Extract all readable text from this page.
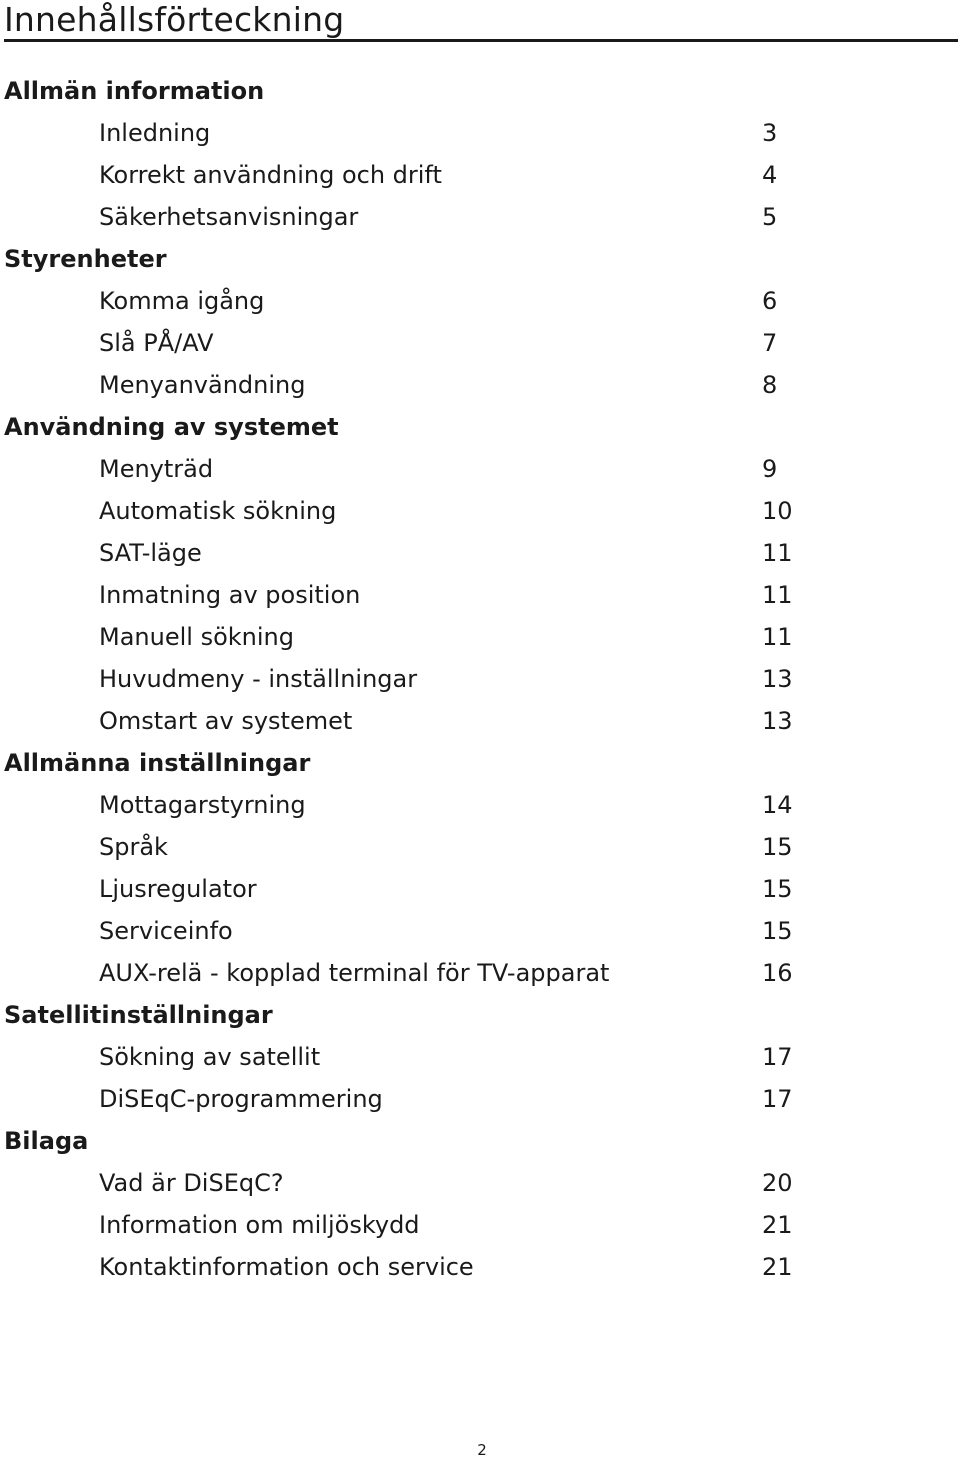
Innehållsförteckning
Allmän information
Inledning	3
Korrekt användning och drift	4
Säkerhetsanvisningar	5
Styrenheter
Komma igång	6
Slå PÅ/AV	7
Menyanvändning	8
Användning av systemet
Menyträd	9
Automatisk sökning	10
SAT-läge	11
Inmatning av position	11
Manuell sökning	11
Huvudmeny - inställningar	13
Omstart av systemet	13
Allmänna inställningar
Mottagarstyrning	14
Språk	15
Ljusregulator	15
Serviceinfo	15
AUX-relä - kopplad terminal för TV-apparat	16
Satellitinställningar
Sökning av satellit	17
DiSEqC-programmering	17
Bilaga
Vad är DiSEqC?	20
Information om miljöskydd	21
Kontaktinformation och service	21
2
